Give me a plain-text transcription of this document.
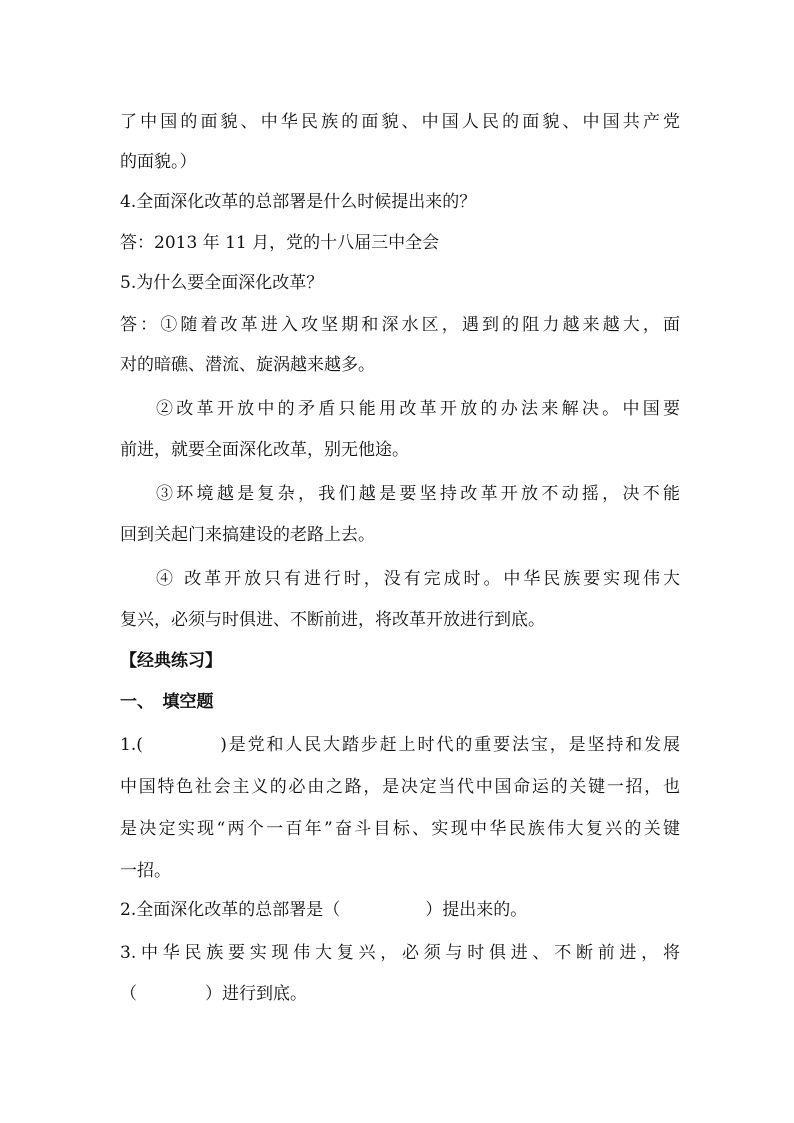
了中国的面貌、中华民族的面貌、中国人民的面貌、中国共产党
的面貌。）
4.全面深化改革的总部署是什么时候提出来的？
答：2013 年 11 月，党的十八届三中全会
5.为什么要全面深化改革？
答：①随着改革进入攻坚期和深水区，遇到的阻力越来越大，面
对的暗礁、潜流、旋涡越来越多。
②改革开放中的矛盾只能用改革开放的办法来解决。中国要
前进，就要全面深化改革，别无他途。
③环境越是复杂，我们越是要坚持改革开放不动摇，决不能
回到关起门来搞建设的老路上去。
④ 改革开放只有进行时，没有完成时。中华民族要实现伟大
复兴，必须与时俱进、不断前进，将改革开放进行到底。
【经典练习】
一、　填空题
1.(　　　　)是党和人民大踏步赶上时代的重要法宝，是坚持和发展
中国特色社会主义的必由之路，是决定当代中国命运的关键一招，也
是决定实现“两个一百年”奋斗目标、实现中华民族伟大复兴的关键
一招。
2.全面深化改革的总部署是（　　　　　）提出来的。
3.中华民族要实现伟大复兴，必须与时俱进、不断前进，将
（　　　　）进行到底。
